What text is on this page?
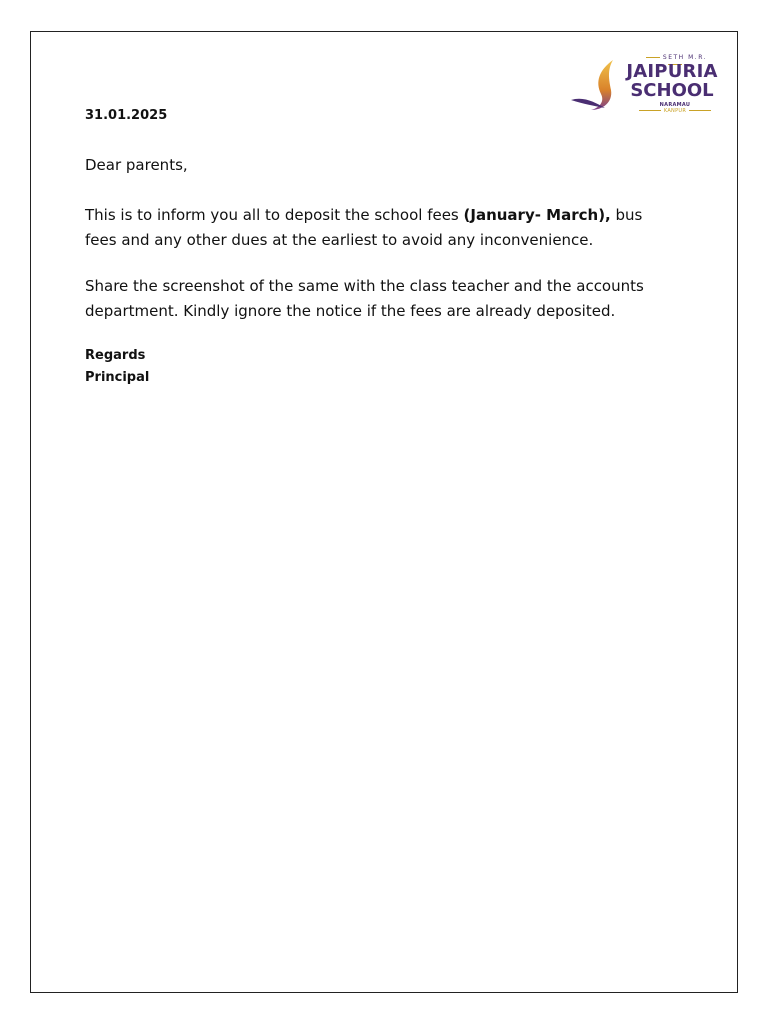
SETH M.R.
JAIPURIA
SCHOOL
NARAMAU
KANPUR
31.01.2025
Dear parents,
This is to inform you all to deposit the school fees (January- March), bus fees and any other dues at the earliest to avoid any inconvenience.
Share the screenshot of the same with the class teacher and the accounts department. Kindly ignore the notice if the fees are already deposited.
Regards
Principal
